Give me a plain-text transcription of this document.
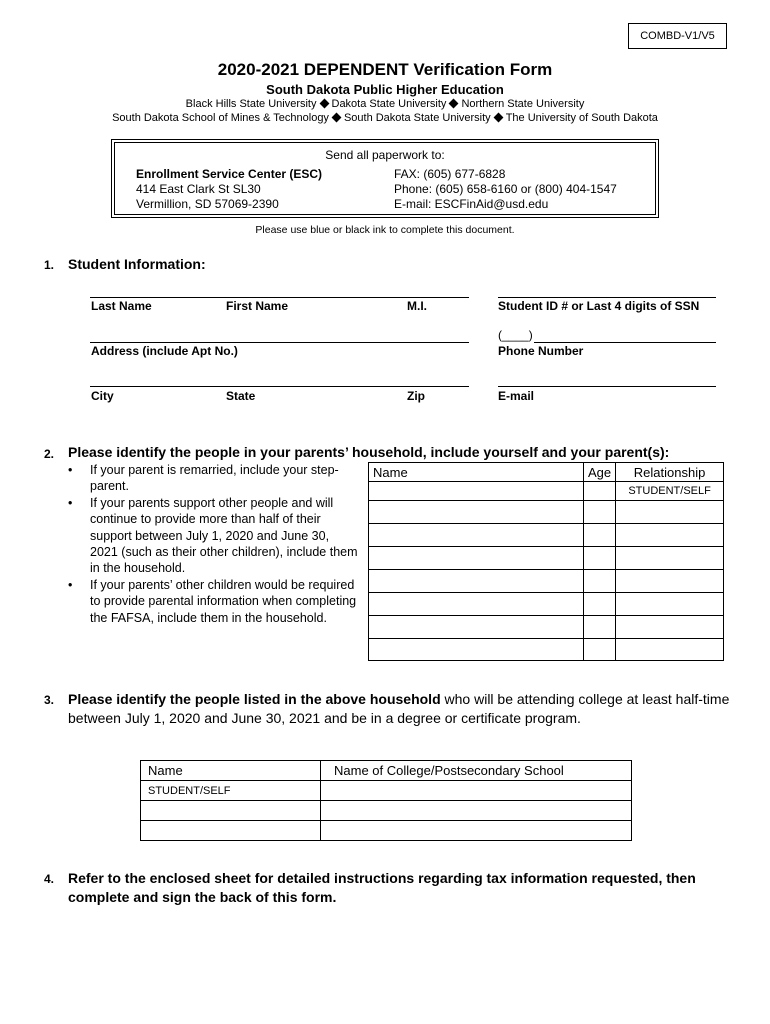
COMBD-V1/V5
2020-2021 DEPENDENT Verification Form
South Dakota Public Higher Education
Black Hills State University Dakota State University Northern State University
South Dakota School of Mines & Technology South Dakota State University The University of South Dakota
Send all paperwork to:
Enrollment Service Center (ESC)
414 East Clark St SL30
Vermillion, SD 57069-2390
FAX: (605) 677-6828
Phone: (605) 658-6160 or (800) 404-1547
E-mail: ESCFinAid@usd.edu
Please use blue or black ink to complete this document.
1. Student Information:
Last Name	First Name	M.I.	Student ID # or Last 4 digits of SSN
(____)
Address (include Apt No.)	Phone Number
City	State	Zip	E-mail
2. Please identify the people in your parents’ household, include yourself and your parent(s):
• If your parent is remarried, include your step-parent.
• If your parents support other people and will continue to provide more than half of their support between July 1, 2020 and June 30, 2021 (such as their other children), include them in the household.
• If your parents’ other children would be required to provide parental information when completing the FAFSA, include them in the household.
Name	Age	Relationship
		STUDENT/SELF

3. Please identify the people listed in the above household who will be attending college at least half-time between July 1, 2020 and June 30, 2021 and be in a degree or certificate program.
Name	Name of College/Postsecondary School
STUDENT/SELF	

4. Refer to the enclosed sheet for detailed instructions regarding tax information requested, then complete and sign the back of this form.
